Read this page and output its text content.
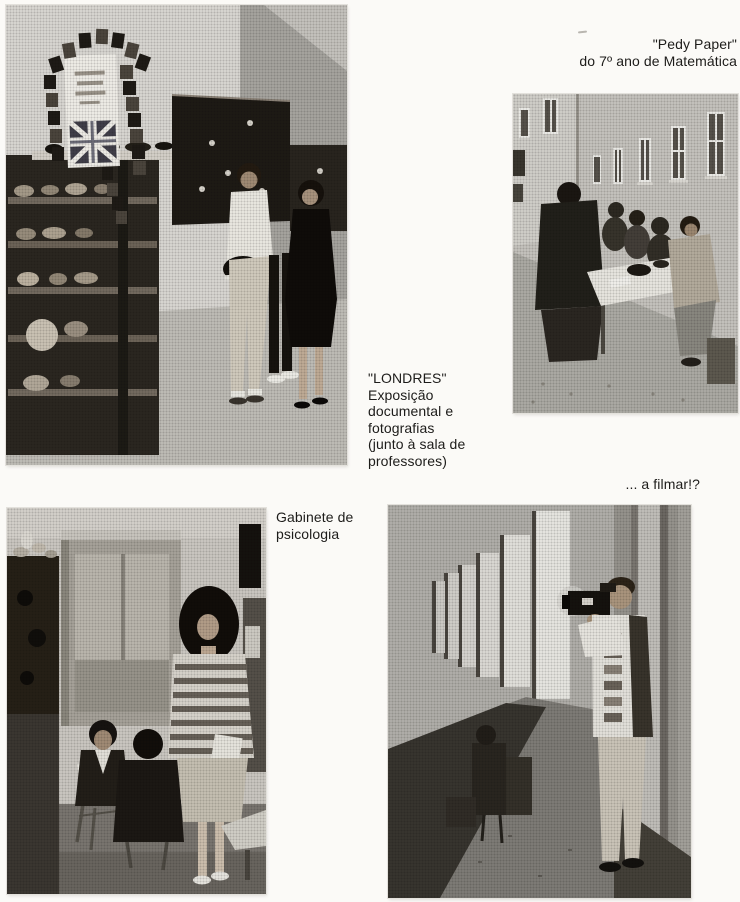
"Pedy Paper"
do 7º ano de Matemática
"LONDRES"
Exposição
documental e
fotografias
(junto à sala de
professores)
Gabinete de
psicologia
... a filmar!?
